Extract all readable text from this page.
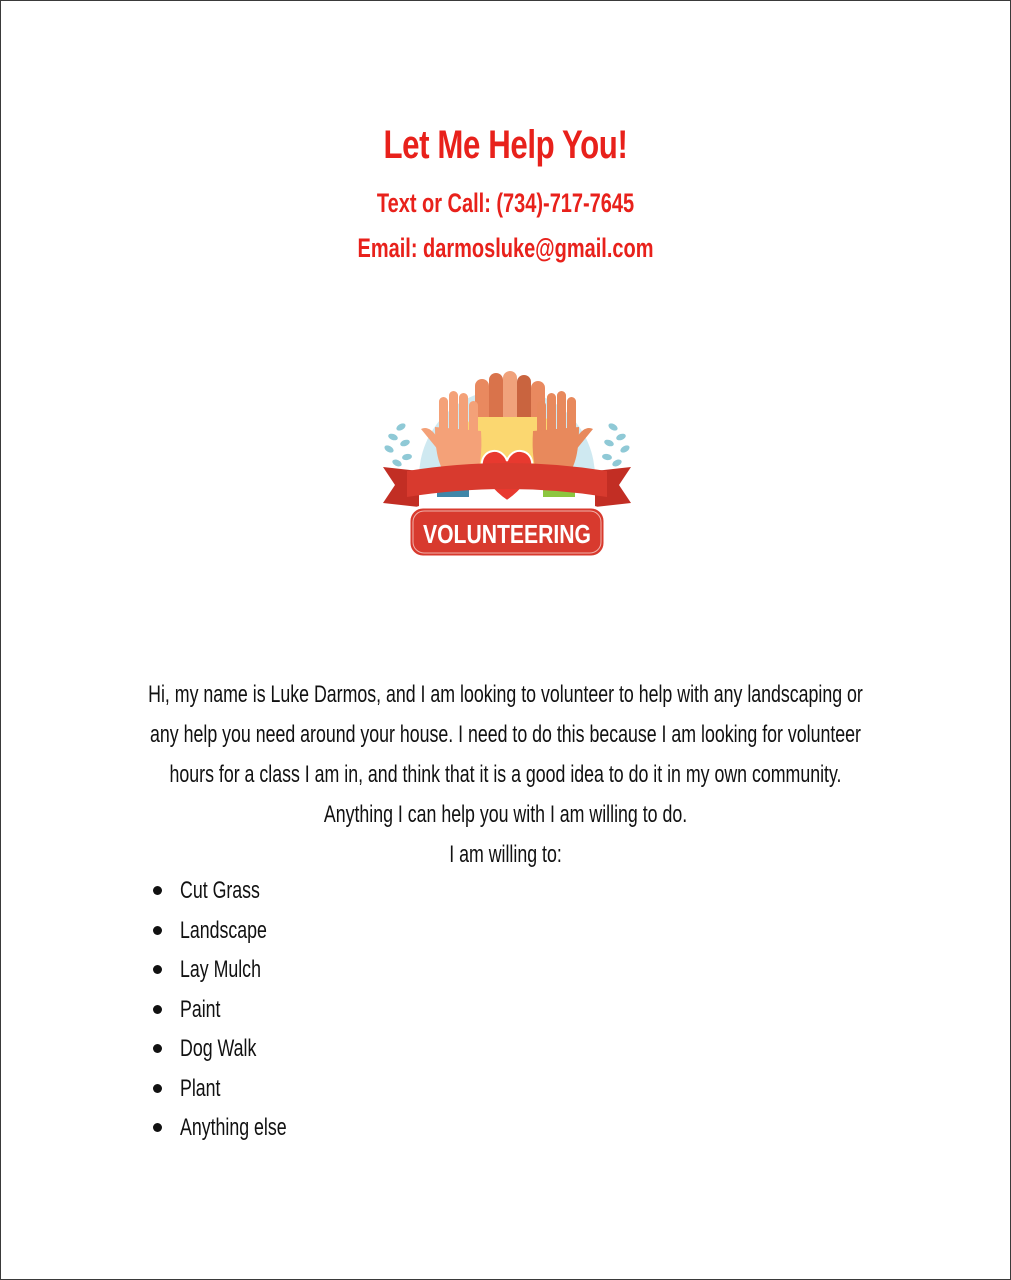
Let Me Help You!
Text or Call: (734)-717-7645
Email: darmosluke@gmail.com
VOLUNTEERING
Hi, my name is Luke Darmos, and I am looking to volunteer to help with any landscaping or
any help you need around your house. I need to do this because I am looking for volunteer
hours for a class I am in, and think that it is a good idea to do it in my own community.
Anything I can help you with I am willing to do.
I am willing to:
Cut Grass
Landscape
Lay Mulch
Paint
Dog Walk
Plant
Anything else
